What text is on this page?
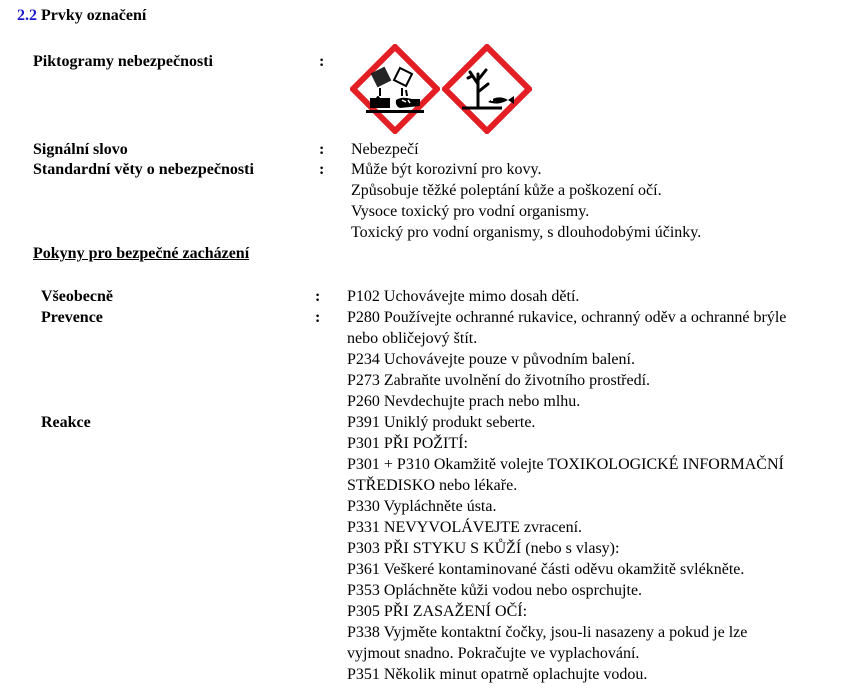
2.2 Prvky označení
Piktogramy nebezpečnosti	:
Signální slovo	: Nebezpečí
Standardní věty o nebezpečnosti	: Může být korozivní pro kovy.
Způsobuje těžké poleptání kůže a poškození očí.
Vysoce toxický pro vodní organismy.
Toxický pro vodní organismy, s dlouhodobými účinky.
Pokyny pro bezpečné zacházení
Všeobecně	: P102 Uchovávejte mimo dosah dětí.
Prevence	: P280 Používejte ochranné rukavice, ochranný oděv a ochranné brýle
nebo obličejový štít.
P234 Uchovávejte pouze v původním balení.
P273 Zabraňte uvolnění do životního prostředí.
P260 Nevdechujte prach nebo mlhu.
Reakce	P391 Uniklý produkt seberte.
P301 PŘI POŽITÍ:
P301 + P310 Okamžitě volejte TOXIKOLOGICKÉ INFORMAČNÍ
STŘEDISKO nebo lékaře.
P330 Vypláchněte ústa.
P331 NEVYVOLÁVEJTE zvracení.
P303 PŘI STYKU S KŮŽÍ (nebo s vlasy):
P361 Veškeré kontaminované části oděvu okamžitě svlékněte.
P353 Opláchněte kůži vodou nebo osprchujte.
P305 PŘI ZASAŽENÍ OČÍ:
P338 Vyjměte kontaktní čočky, jsou-li nasazeny a pokud je lze
vyjmout snadno. Pokračujte ve vyplachování.
P351 Několik minut opatrně oplachujte vodou.
